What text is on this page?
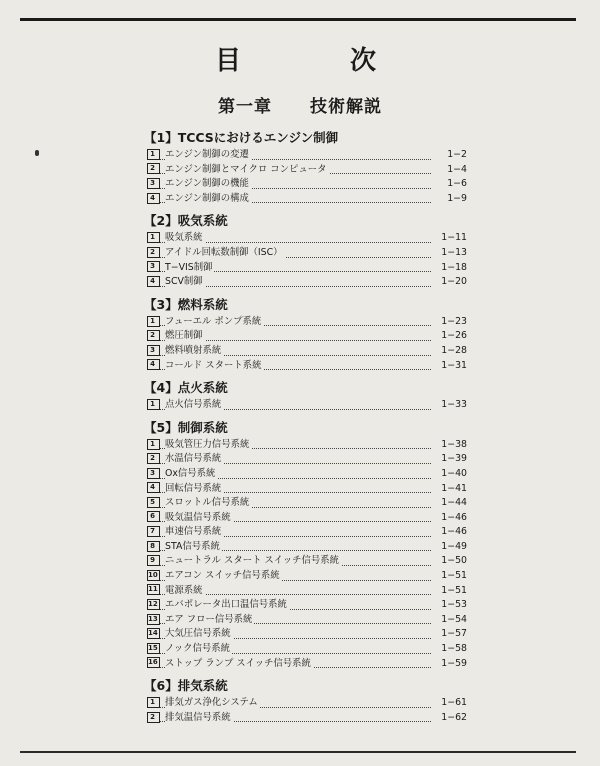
目	次
第一章 技術解説
【1】TCCSにおけるエンジン制御
1 エンジン制御の変遷	1−2
2 エンジン制御とマイクロ コンピュータ	1−4
3 エンジン制御の機能	1−6
4 エンジン制御の構成	1−9
【2】吸気系統
1 吸気系統	1−11
2 アイドル回転数制御（ISC）	1−13
3 T−VIS制御	1−18
4 SCV制御	1−20
【3】燃料系統
1 フューエル ポンプ系統	1−23
2 燃圧制御	1−26
3 燃料噴射系統	1−28
4 コールド スタート系統	1−31
【4】点火系統
1 点火信号系統	1−33
【5】制御系統
1 吸気管圧力信号系統	1−38
2 水温信号系統	1−39
3 Ox信号系統	1−40
4 回転信号系統	1−41
5 スロットル信号系統	1−44
6 吸気温信号系統	1−46
7 車速信号系統	1−46
8 STA信号系統	1−49
9 ニュートラル スタート スイッチ信号系統	1−50
10 エアコン スイッチ信号系統	1−51
11 電源系統	1−51
12 エバポレータ出口温信号系統	1−53
13 エア フロー信号系統	1−54
14 大気圧信号系統	1−57
15 ノック信号系統	1−58
16 ストップ ランプ スイッチ信号系統	1−59
【6】排気系統
1 排気ガス浄化システム	1−61
2 排気温信号系統	1−62
